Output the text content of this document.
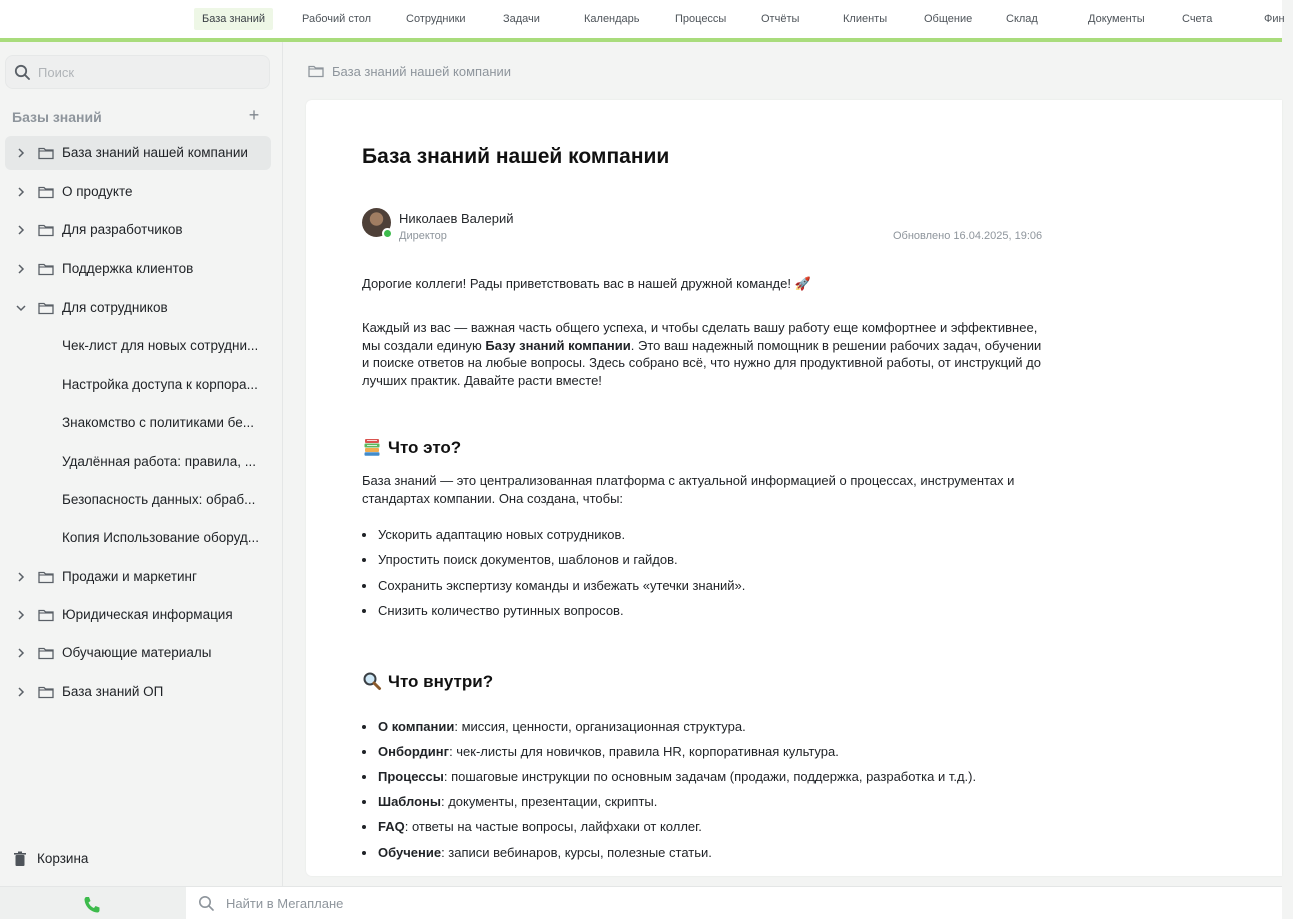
База знаний	Рабочий стол	Сотрудники	Задачи	Календарь	Процессы	Отчёты	Клиенты	Общение	Склад	Документы	Счета	Фин
Поиск
Базы знаний	+
База знаний нашей компании
О продукте
Для разработчиков
Поддержка клиентов
Для сотрудников
Чек-лист для новых сотрудни...
Настройка доступа к корпора...
Знакомство с политиками бе...
Удалённая работа: правила, ...
Безопасность данных: обраб...
Копия Использование оборуд...
Продажи и маркетинг
Юридическая информация
Обучающие материалы
База знаний ОП
Корзина
База знаний нашей компании
База знаний нашей компании
Николаев Валерий
Директор	Обновлено 16.04.2025, 19:06
Дорогие коллеги! Рады приветствовать вас в нашей дружной команде! 🚀
Каждый из вас — важная часть общего успеха, и чтобы сделать вашу работу еще комфортнее и эффективнее, мы создали единую Базу знаний компании. Это ваш надежный помощник в решении рабочих задач, обучении и поиске ответов на любые вопросы. Здесь собрано всё, что нужно для продуктивной работы, от инструкций до лучших практик. Давайте расти вместе!
Что это?
База знаний — это централизованная платформа с актуальной информацией о процессах, инструментах и стандартах компании. Она создана, чтобы:
Ускорить адаптацию новых сотрудников.
Упростить поиск документов, шаблонов и гайдов.
Сохранить экспертизу команды и избежать «утечки знаний».
Снизить количество рутинных вопросов.
Что внутри?
О компании: миссия, ценности, организационная структура.
Онбординг: чек-листы для новичков, правила HR, корпоративная культура.
Процессы: пошаговые инструкции по основным задачам (продажи, поддержка, разработка и т.д.).
Шаблоны: документы, презентации, скрипты.
FAQ: ответы на частые вопросы, лайфхаки от коллег.
Обучение: записи вебинаров, курсы, полезные статьи.
Найти в Мегаплане
